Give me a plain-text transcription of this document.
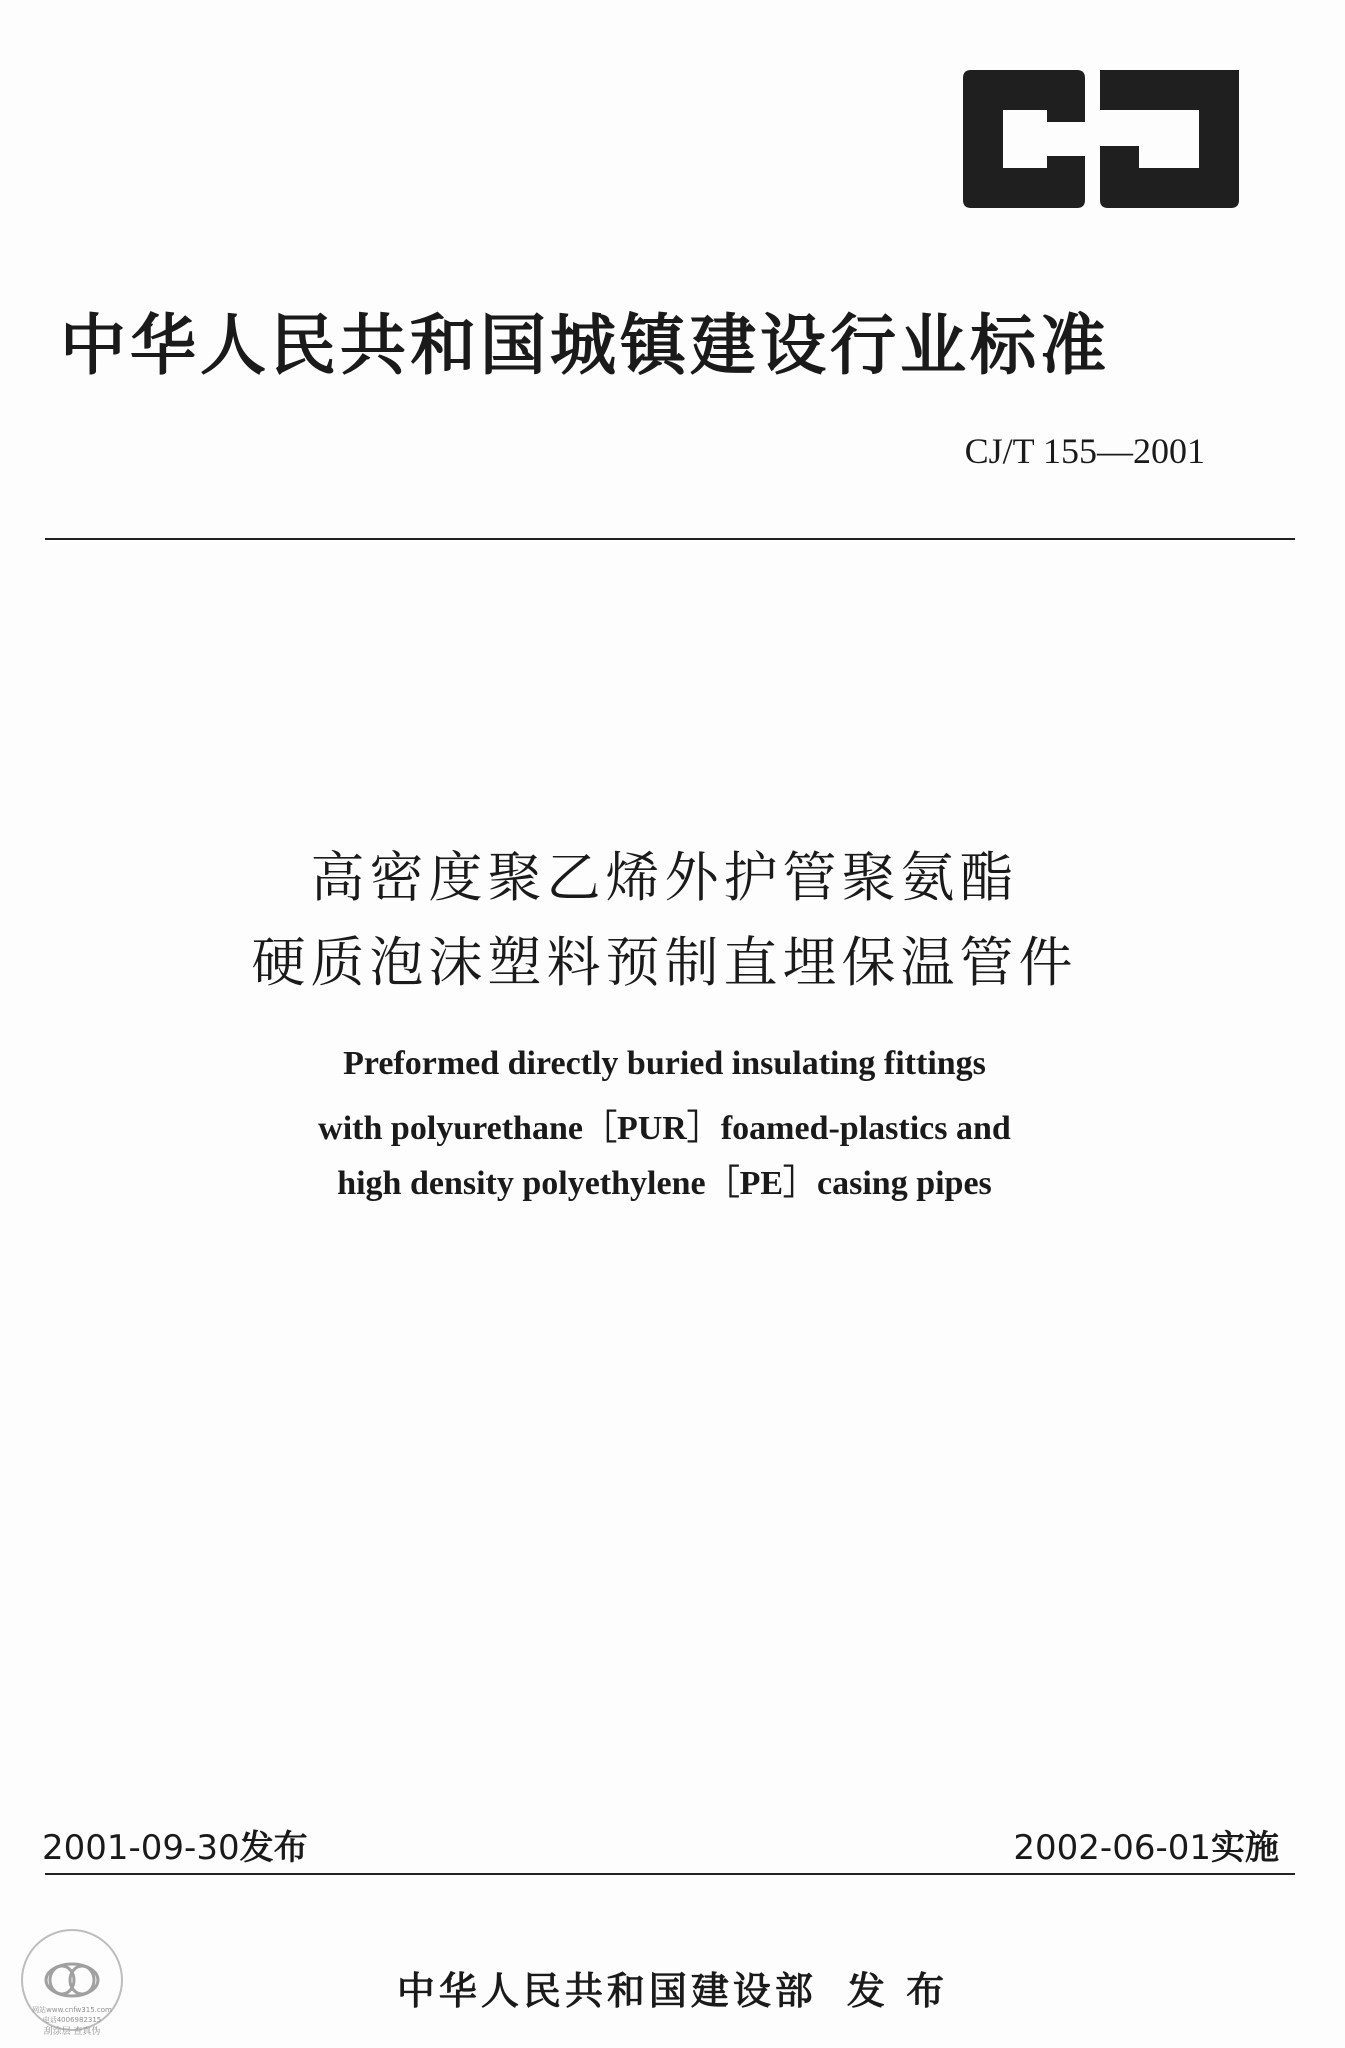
中华人民共和国城镇建设行业标准
CJ/T 155—2001
高密度聚乙烯外护管聚氨酯
硬质泡沫塑料预制直埋保温管件
Preformed directly buried insulating fittings
with polyurethane［PUR］foamed-plastics and
high density polyethylene［PE］casing pipes
2001-09-30发布	2002-06-01实施
中华人民共和国建设部 发 布
网站www.cnfw315.com
电话4006982315
刮涂层 查真伪
